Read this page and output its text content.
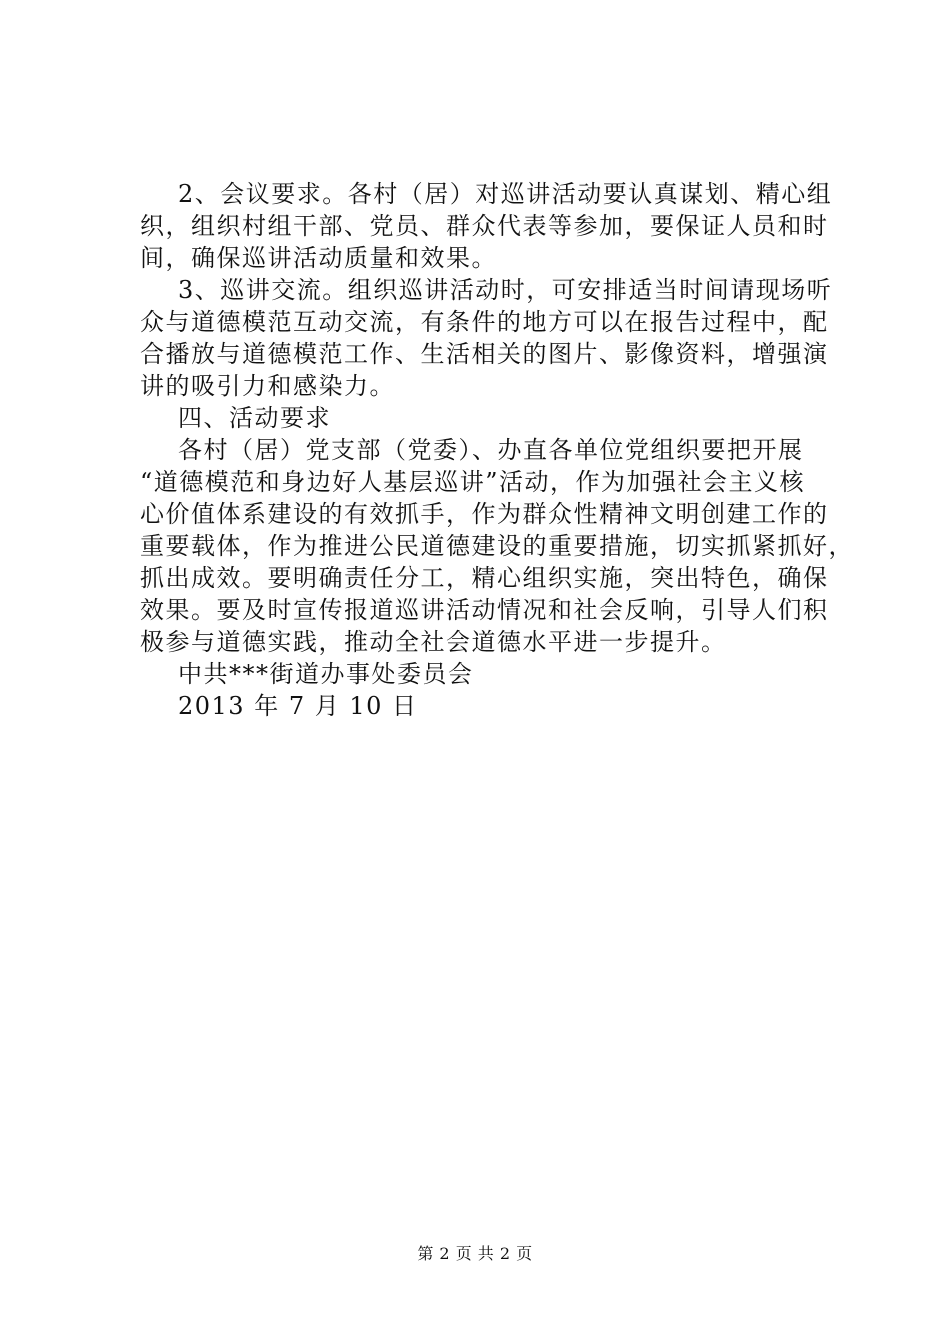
2、会议要求。各村（居）对巡讲活动要认真谋划、精心组
织，组织村组干部、党员、群众代表等参加，要保证人员和时
间，确保巡讲活动质量和效果。
3、巡讲交流。组织巡讲活动时，可安排适当时间请现场听
众与道德模范互动交流，有条件的地方可以在报告过程中，配
合播放与道德模范工作、生活相关的图片、影像资料，增强演
讲的吸引力和感染力。
四、活动要求
各村（居）党支部（党委）、办直各单位党组织要把开展
“道德模范和身边好人基层巡讲”活动，作为加强社会主义核
心价值体系建设的有效抓手，作为群众性精神文明创建工作的
重要载体，作为推进公民道德建设的重要措施，切实抓紧抓好，
抓出成效。要明确责任分工，精心组织实施，突出特色，确保
效果。要及时宣传报道巡讲活动情况和社会反响，引导人们积
极参与道德实践，推动全社会道德水平进一步提升。
中共***街道办事处委员会
2013 年 7 月 10 日
第 2 页 共 2 页
